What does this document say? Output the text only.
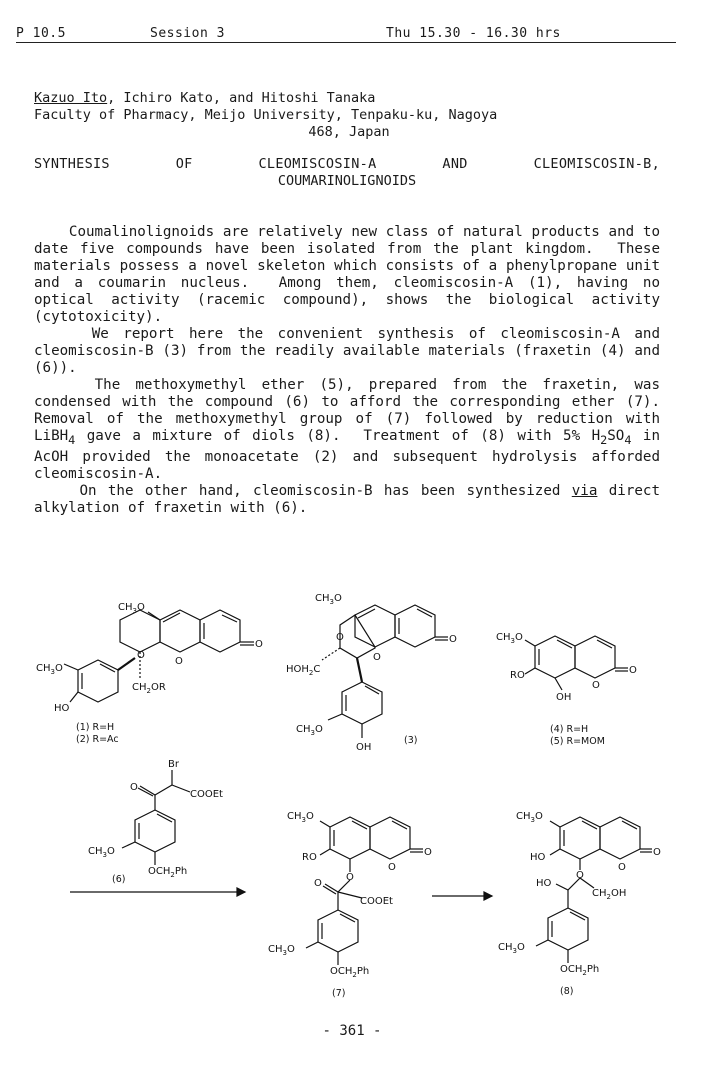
P 10.5	Session 3	Thu 15.30 - 16.30 hrs
Kazuo Ito, Ichiro Kato, and Hitoshi Tanaka
Faculty of Pharmacy, Meijo University, Tenpaku-ku, Nagoya
468, Japan
SYNTHESIS OF CLEOMISCOSIN-A AND CLEOMISCOSIN-B,
COUMARINOLIGNOIDS
Coumalinolignoids are relatively new class of natural products and to date five compounds have been isolated from the plant kingdom.  These materials possess a novel skeleton which consists of a phenylpropane unit and a coumarin nucleus.  Among them, cleomiscosin-A (1), having no optical activity (racemic compound), shows the biological activity (cytotoxicity).
We report here the convenient synthesis of cleomiscosin-A and cleomiscosin-B (3) from the readily available materials (fraxetin (4) and (6)).
The methoxymethyl ether (5), prepared from the fraxetin, was condensed with the compound (6) to afford the corresponding ether (7).  Removal of the methoxymethyl group of (7) followed by reduction with LiBH$_4$ gave a mixture of diols (8).  Treatment of (8) with 5% $H_2SO_4$ in AcOH provided the monoacetate (2) and subsequent hydrolysis afforded cleomiscosin-A.
On the other hand, cleomiscosin-B has been synthesized via direct alkylation of fraxetin with (6).
$CH_3O$
O
O
O
$CH_3O$
HO
$CH_2OR$
(1) R=H
(2) R=Ac
$CH_3O$
O
O
O
$HOH_2C$
$CH_3O$
OH
(3)
$CH_3O$
RO
O
O
OH
(4) R=H
(5) R=MOM
Br
O
COOEt
$CH_3O$
$OCH_2Ph$
(6)
$CH_3O$
RO
O
O
O
O
COOEt
$CH_3O$
$OCH_2Ph$
(7)
$CH_3O$
HO
O
O
O
HO
$CH_2OH$
$CH_3O$
$OCH_2Ph$
(8)
- 361 -
